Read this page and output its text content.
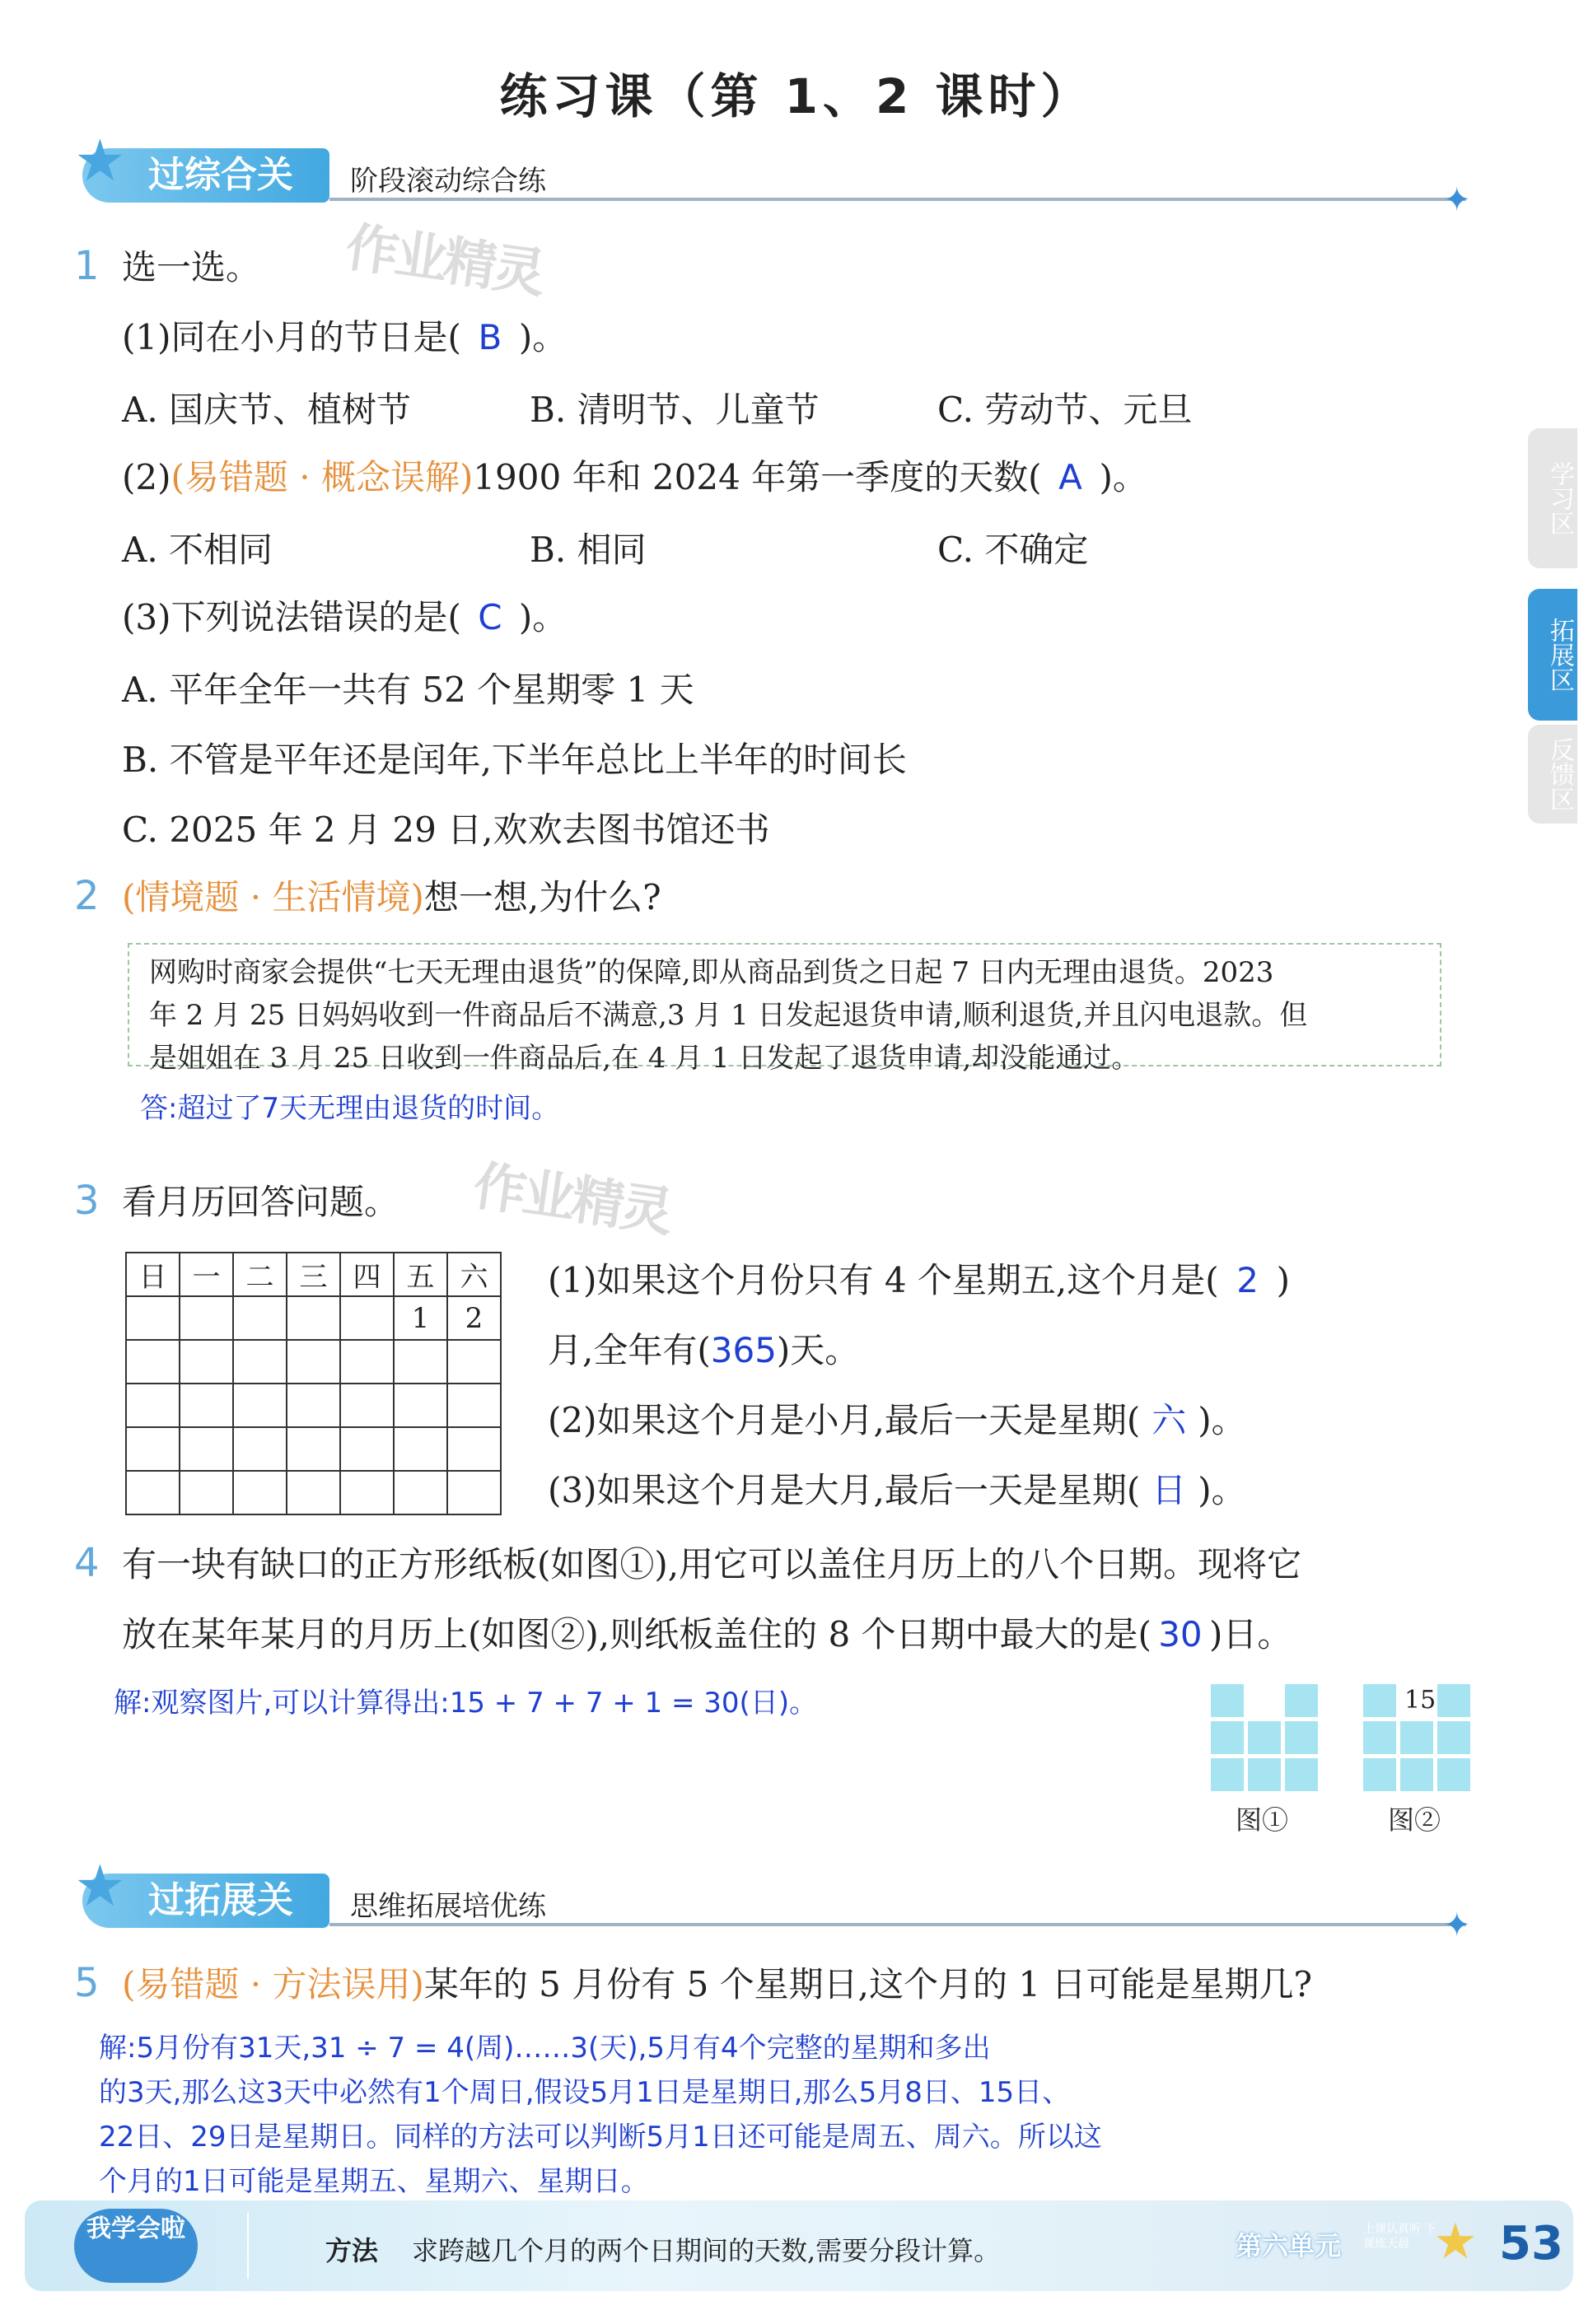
练习课（第 1、2 课时）
过综合关
★	阶段滚动综合练	✦
作业精灵
作业精灵
学习区
拓展区
反馈区
1 选一选。
(1)同在小月的节日是( B )。
A. 国庆节、植树节	B. 清明节、儿童节	C. 劳动节、元旦
(2)(易错题 · 概念误解)1900 年和 2024 年第一季度的天数( A )。
A. 不相同	B. 相同	C. 不确定
(3)下列说法错误的是( C )。
A. 平年全年一共有 52 个星期零 1 天
B. 不管是平年还是闰年,下半年总比上半年的时间长
C. 2025 年 2 月 29 日,欢欢去图书馆还书
2 (情境题 · 生活情境)想一想,为什么?
网购时商家会提供“七天无理由退货”的保障,即从商品到货之日起 7 日内无理由退货。2023
年 2 月 25 日妈妈收到一件商品后不满意,3 月 1 日发起退货申请,顺利退货,并且闪电退款。但
是姐姐在 3 月 25 日收到一件商品后,在 4 月 1 日发起了退货申请,却没能通过。
答:超过了7天无理由退货的时间。
3 看月历回答问题。
日	一	二	三	四	五	六
					1	2

(1)如果这个月份只有 4 个星期五,这个月是( 2 )
月,全年有(365)天。
(2)如果这个月是小月,最后一天是星期( 六 )。
(3)如果这个月是大月,最后一天是星期( 日 )。
4 有一块有缺口的正方形纸板(如图①),用它可以盖住月历上的八个日期。现将它
放在某年某月的月历上(如图②),则纸板盖住的 8 个日期中最大的是( 30 )日。
解:观察图片,可以计算得出:15 + 7 + 7 + 1 = 30(日)。
图①
15
图②
过拓展关
★	思维拓展培优练	✦
5 (易错题 · 方法误用)某年的 5 月份有 5 个星期日,这个月的 1 日可能是星期几?
解:5月份有31天,31 ÷ 7 = 4(周)……3(天),5月有4个完整的星期和多出
的3天,那么这3天中必然有1个周日,假设5月1日是星期日,那么5月8日、15日、
22日、29日是星期日。同样的方法可以判断5月1日还可能是周五、周六。所以这
个月的1日可能是星期五、星期六、星期日。
我学会啦
方法 求跨越几个月的两个日期间的天数,需要分段计算。	第六单元
上课认真听 下课练天晨 ★ 53
